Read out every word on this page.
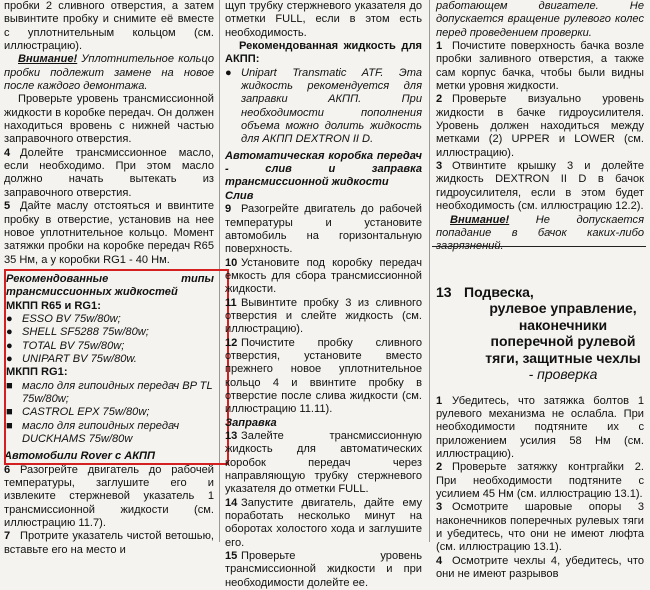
пробки 2 сливного отверстия, а затем вывинтите пробку и снимите её вместе с уплотнительным кольцом (см. иллюстрацию).

Внимание! Уплотнительное кольцо пробки подлежит замене на новое после каждого демонтажа.

Проверьте уровень трансмиссионной жидкости в коробке передач. Он должен находиться вровень с нижней частью заправочного отверстия.

4 Долейте трансмиссионное масло, если необходимо. При этом масло должно начать вытекать из заправочного отверстия.

5 Дайте маслу отстояться и ввинтите пробку в отверстие, установив на нее новое уплотнительное кольцо. Момент затяжки пробки на коробке передач R65 35 Нм, а у коробки RG1 - 40 Нм.

Рекомендованные типы трансмиссионных жидкостей

МКПП R65 и RG1:

● ESSO BV 75w/80w;
● SHELL SF5288 75w/80w;
● TOTAL BV 75w/80w;
● UNIPART BV 75w/80w.

МКПП RG1:

■ масло для гипоидных передач BP TL 75w/80w;
■ CASTROL EPX 75w/80w;
■ масло для гипоидных передач DUCKHAMS 75w/80w

Автомобили Rover с АКПП

6 Разогрейте двигатель до рабочей температуры, заглушите его и извлеките стержневой указатель 1 трансмиссионной жидкости (см. иллюстрацию 11.7).

7 Протрите указатель чистой ветошью, вставьте его на место и

щуп трубку стержневого указателя до отметки FULL, если в этом есть необходимость.

Рекомендованная жидкость для АКПП:

● Unipart Transmatic ATF. Эта жидкость рекомендуется для заправки АКПП. При необходимости пополнения объема можно долить жидкость для АКПП DEXTRON II D.

Автоматическая коробка передач - слив и заправка трансмиссионной жидкости

Слив

9 Разогрейте двигатель до рабочей температуры и установите автомобиль на горизонтальную поверхность.

10 Установите под коробку передач емкость для сбора трансмиссионной жидкости.

11 Вывинтите пробку 3 из сливного отверстия и слейте жидкость (см. иллюстрацию).

12 Почистите пробку сливного отверстия, установите вместо прежнего новое уплотнительное кольцо 4 и ввинтите пробку в отверстие после слива жидкости (см. иллюстрацию 11.11).

Заправка

13 Залейте трансмиссионную жидкость для автоматических коробок передач через направляющую трубку стержневого указателя до отметки FULL.

14 Запустите двигатель, дайте ему поработать несколько минут на оборотах холостого хода и заглушите его.

15 Проверьте уровень трансмиссионной жидкости и при необходимости долейте ее.

работающем двигателе. Не допускается вращение рулевого колес перед проведением проверки.

1 Почистите поверхность бачка возле пробки заливного отверстия, а также сам корпус бачка, чтобы были видны метки уровня жидкости.

2 Проверьте визуально уровень жидкости в бачке гидроусилителя. Уровень должен находиться между метками (2) UPPER и LOWER (см. иллюстрацию).

3 Отвинтите крышку 3 и долейте жидкость DEXTRON II D в бачок гидроусилителя, если в этом будет необходимость (см. иллюстрацию 12.2).

Внимание! Не допускается попадание в бачок каких-либо загрязнений.

13 Подвеска,
рулевое управление, наконечники поперечной рулевой тяги, защитные чехлы
- проверка

1 Убедитесь, что затяжка болтов 1 рулевого механизма не ослабла. При необходимости подтяните их с приложением усилия 58 Нм (см. иллюстрацию).

2 Проверьте затяжку контргайки 2. При необходимости подтяните с усилием 45 Нм (см. иллюстрацию 13.1).

3 Осмотрите шаровые опоры 3 наконечников поперечных рулевых тяги и убедитесь, что они не имеют люфта (см. иллюстрацию 13.1).

4 Осмотрите чехлы 4, убедитесь, что они не имеют разрывов
